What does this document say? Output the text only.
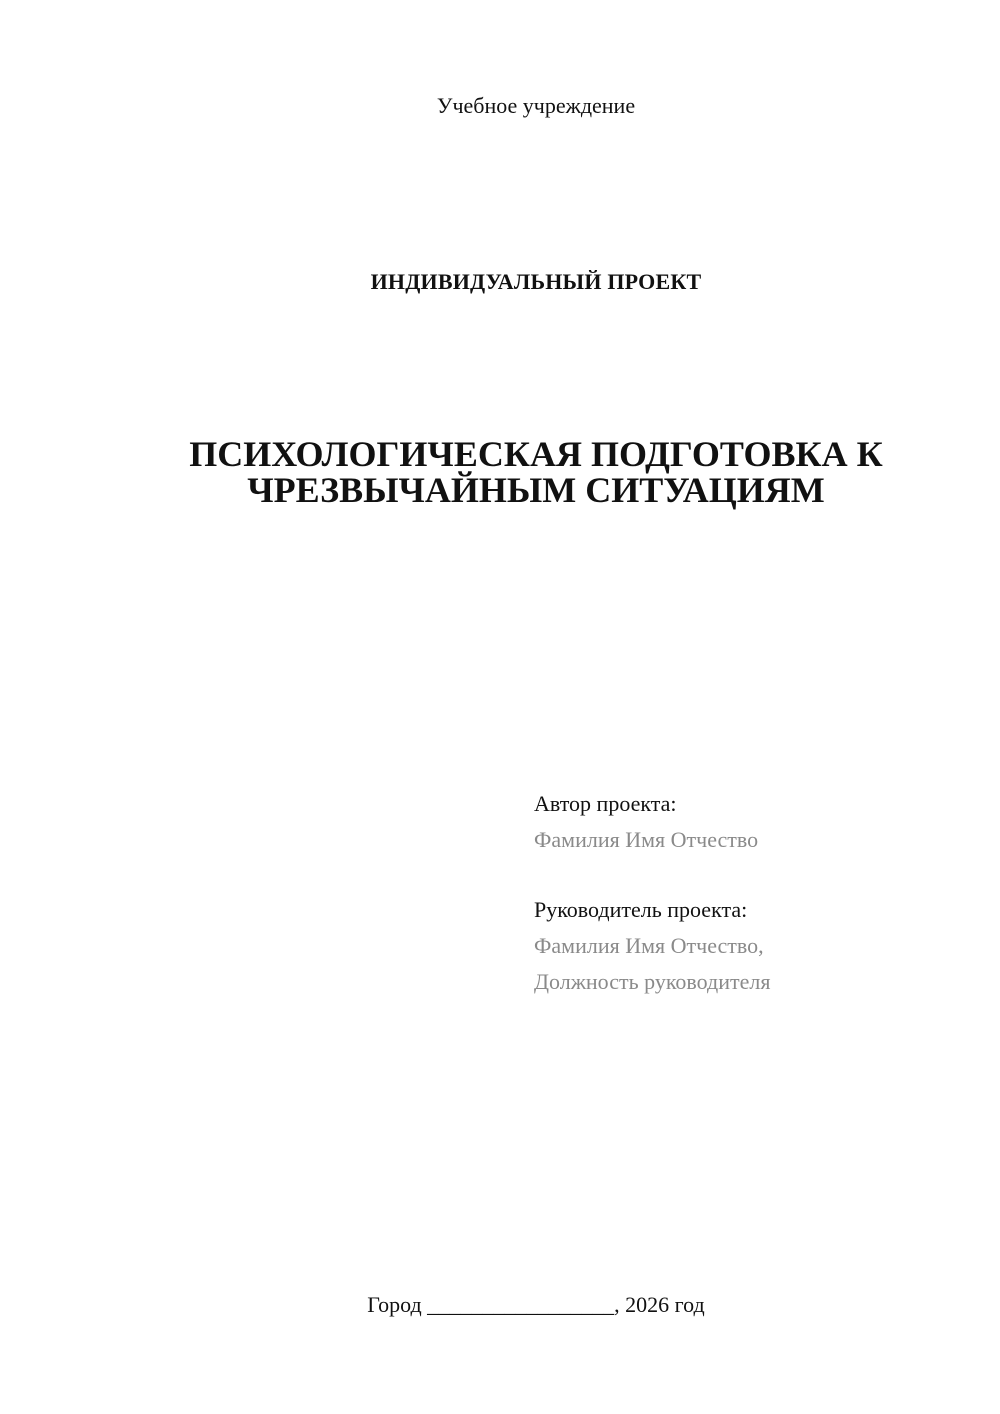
Учебное учреждение
ИНДИВИДУАЛЬНЫЙ ПРОЕКТ
ПСИХОЛОГИЧЕСКАЯ ПОДГОТОВКА К
ЧРЕЗВЫЧАЙНЫМ СИТУАЦИЯМ
Автор проекта:
Фамилия Имя Отчество
Руководитель проекта:
Фамилия Имя Отчество,
Должность руководителя
Город _________________, 2026 год
